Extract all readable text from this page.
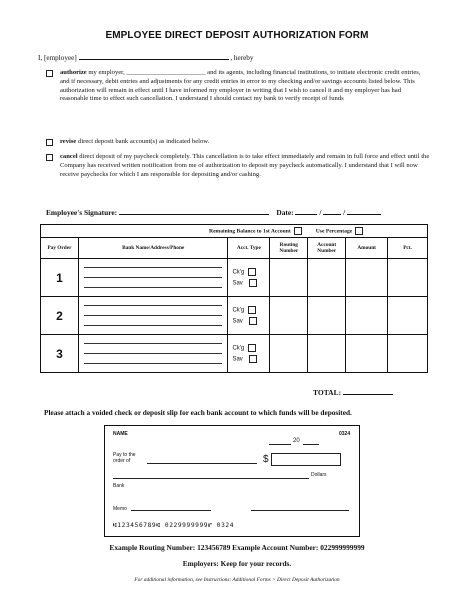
EMPLOYEE DIRECT DEPOSIT AUTHORIZATION FORM
I, [employee]	, hereby
authorize my employer, ________________________ and its agents, including financial institutions, to initiate electronic credit entries, and if necessary, debit entries and adjustments for any credit entries in error to my checking and/or savings accounts listed below. This authorization will remain in effect until I have informed my employer in writing that I wish to cancel it and my employer has had reasonable time to effect such cancellation. I understand I should contact my bank to verify receipt of funds
revise direct deposit bank account(s) as indicated below.
cancel direct deposit of my paycheck completely. This cancellation is to take effect immediately and remain in full force and effect until the Company has received written notification from me of authorization to deposit my paycheck automatically. I understand that I will now receive paychecks for which I am responsible for depositing and/or cashing.
Employee's Signature:	Date:	/  /
	Remaining Balance to 1st Account			Use Percentage		
Pay Order	Bank Name/Address/Phone	Acct. Type	Routing Number	Account Number	Amount	Pct.
1		Ck'g
Sav				

2		Ck'g
Sav				

3		Ck'g
Sav				

TOTAL:
Please attach a voided check or deposit slip for each bank account to which funds will be deposited.
NAME	0324
20
Pay to the order of	$
Dollars
Bank
Memo
⑆123456789⑆ 0229999999⑈ 0324
Example Routing Number: 123456789 Example Account Number: 022999999999
Employers: Keep for your records.
For additional information, see Instructions: Additional Forms > Direct Deposit Authorization
